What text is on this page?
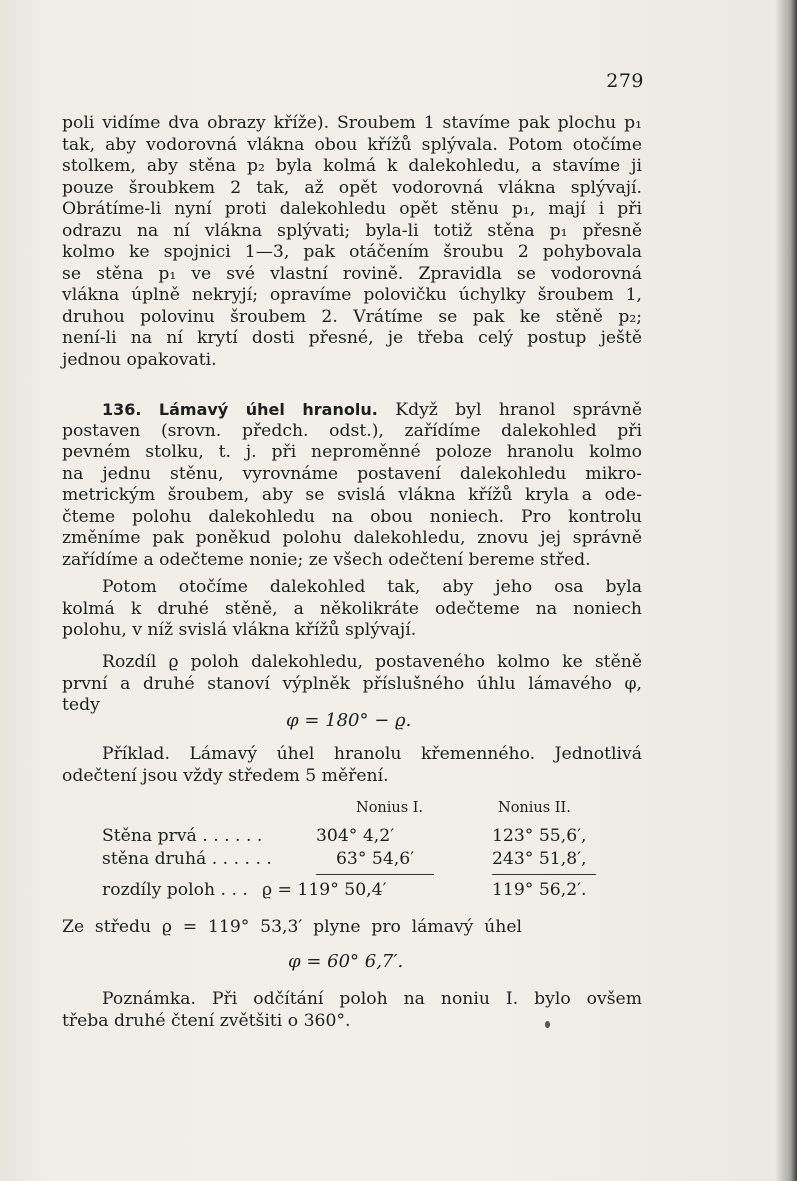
279
poli vidíme dva obrazy kříže). Sroubem 1 stavíme pak plochu p₁
tak, aby vodorovná vlákna obou křížů splývala. Potom otočíme
stolkem, aby stěna p₂ byla kolmá k dalekohledu, a stavíme ji
pouze šroubkem 2 tak, až opět vodorovná vlákna splývají.
Obrátíme-li nyní proti dalekohledu opět stěnu p₁, mají i při
odrazu na ní vlákna splývati; byla-li totiž stěna p₁ přesně
kolmo ke spojnici 1—3, pak otáčením šroubu 2 pohybovala
se stěna p₁ ve své vlastní rovině. Zpravidla se vodorovná
vlákna úplně nekryjí; opravíme polovičku úchylky šroubem 1,
druhou polovinu šroubem 2. Vrátíme se pak ke stěně p₂;
není-li na ní krytí dosti přesné, je třeba celý postup ještě
jednou opakovati.
136. Lámavý úhel hranolu. Když byl hranol správně
postaven (srovn. předch. odst.), zařídíme dalekohled při
pevném stolku, t. j. při neproměnné poloze hranolu kolmo
na jednu stěnu, vyrovnáme postavení dalekohledu mikro-
metrickým šroubem, aby se svislá vlákna křížů kryla a ode-
čteme polohu dalekohledu na obou noniech. Pro kontrolu
změníme pak poněkud polohu dalekohledu, znovu jej správně
zařídíme a odečteme nonie; ze všech odečtení bereme střed.
Potom otočíme dalekohled tak, aby jeho osa byla
kolmá k druhé stěně, a několikráte odečteme na noniech
polohu, v níž svislá vlákna křížů splývají.
Rozdíl ϱ poloh dalekohledu, postaveného kolmo ke stěně
první a druhé stanoví výplněk příslušného úhlu lámavého φ,
tedy
φ = 180° − ϱ.
Příklad. Lámavý úhel hranolu křemenného. Jednotlivá
odečtení jsou vždy středem 5 měření.
Nonius I.	Nonius II.
Stěna prvá . . . . . .	304° 4,2′	123° 55,6′,
stěna druhá . . . . . .	63° 54,6′	243° 51,8′,
rozdíly poloh . . . ϱ = 119° 50,4′	119° 56,2′.
Ze středu ϱ = 119° 53,3′ plyne pro lámavý úhel
φ = 60° 6,7′.
Poznámka. Při odčítání poloh na noniu I. bylo ovšem
třeba druhé čtení zvětšiti o 360°.
